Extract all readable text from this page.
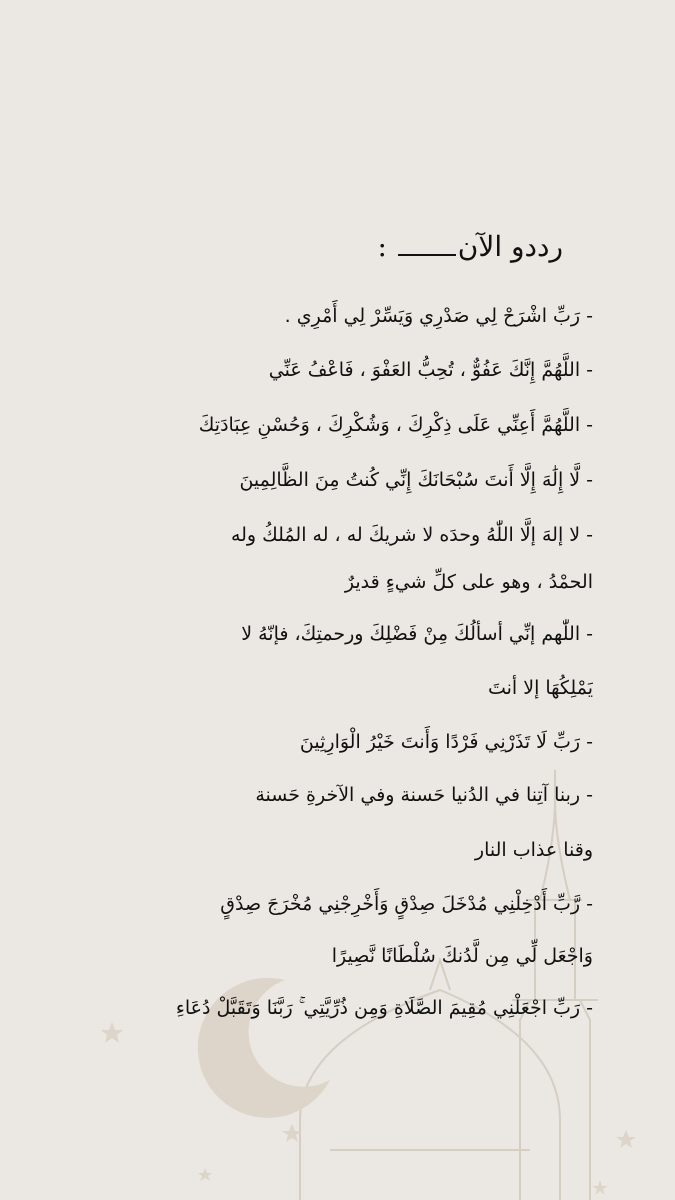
رددو الآن :
- رَبِّ اشْرَحْ لِي صَدْرِي وَيَسِّرْ لِي أَمْرِي .
- اللَّهُمَّ إِنَّكَ عَفُوٌّ ، تُحِبُّ العَفْوَ ، فَاعْفُ عَنِّي
- اللَّهُمَّ أَعِنِّي عَلَى ذِكْرِكَ ، وَشُكْرِكَ ، وَحُسْنِ عِبَادَتِكَ
- لَّا إِلَٰهَ إِلَّا أَنتَ سُبْحَانَكَ إِنِّي كُنتُ مِنَ الظَّالِمِينَ
- لا إلهَ إلَّا اللّٰهُ وحدَه لا شريكَ له ، له المُلكُ وله
الحمْدُ ، وهو على كلِّ شيءٍ قديرٌ
- اللّٰهم إنِّي أسألُكَ مِنْ فَضْلِكَ ورحمتِكَ، فإنّهُ لا
يَمْلِكُهَا إلا أنتَ
- رَبِّ لَا تَذَرْنِي فَرْدًا وَأَنتَ خَيْرُ الْوَارِثِينَ
- ربنا آتِنا في الدُنيا حَسنة وفي الآخرةِ حَسنة
وقنا عذاب النار
- رَّبِّ أَدْخِلْنِي مُدْخَلَ صِدْقٍ وَأَخْرِجْنِي مُخْرَجَ صِدْقٍ
وَاجْعَل لِّي مِن لَّدُنكَ سُلْطَانًا نَّصِيرًا
- رَبِّ اجْعَلْنِي مُقِيمَ الصَّلَاةِ وَمِن ذُرِّيَّتِي ۚ رَبَّنَا وَتَقَبَّلْ دُعَاءِ
